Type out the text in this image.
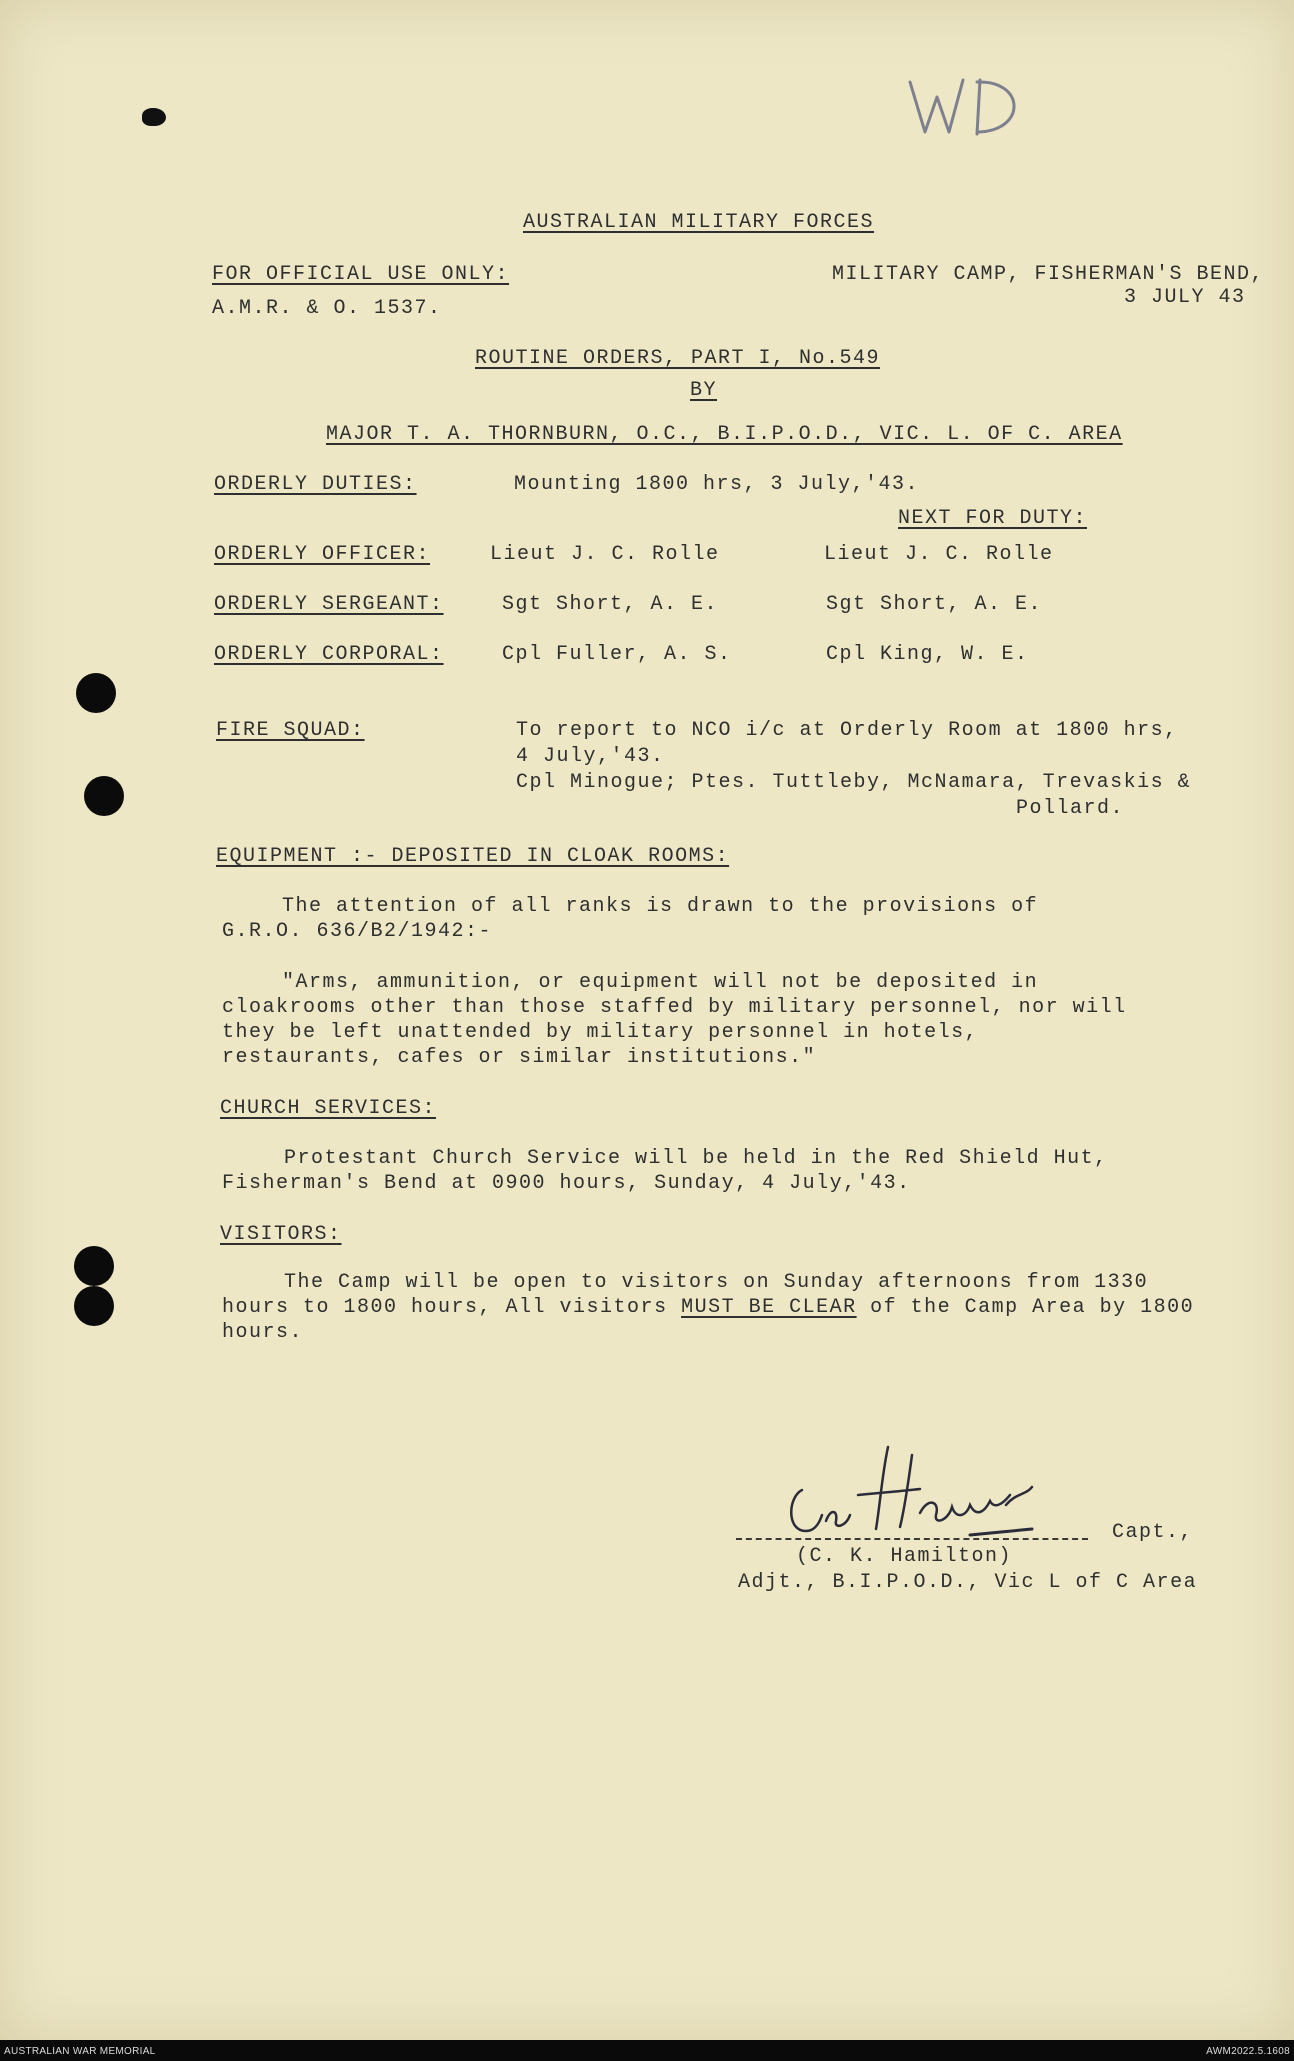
AUSTRALIAN MILITARY FORCES
FOR OFFICIAL USE ONLY:
A.M.R. & O. 1537.
MILITARY CAMP, FISHERMAN'S BEND,
3 JULY 43
ROUTINE ORDERS, PART I, No.549
BY
MAJOR T. A. THORNBURN, O.C., B.I.P.O.D., VIC. L. OF C. AREA
ORDERLY DUTIES:	Mounting 1800 hrs, 3 July,'43.
NEXT FOR DUTY:
ORDERLY OFFICER:	Lieut J. C. Rolle	Lieut J. C. Rolle
ORDERLY SERGEANT:	Sgt Short, A. E.	Sgt Short, A. E.
ORDERLY CORPORAL:	Cpl Fuller, A. S.	Cpl King, W. E.
FIRE SQUAD:	To report to NCO i/c at Orderly Room at 1800 hrs,
4 July,'43.
Cpl Minogue; Ptes. Tuttleby, McNamara, Trevaskis &
Pollard.
EQUIPMENT :- DEPOSITED IN CLOAK ROOMS:
The attention of all ranks is drawn to the provisions of G.R.O. 636/B2/1942:-
"Arms, ammunition, or equipment will not be deposited in cloakrooms other than those staffed by military personnel, nor will they be left unattended by military personnel in hotels, restaurants, cafes or similar institutions."
CHURCH SERVICES:
Protestant Church Service will be held in the Red Shield Hut, Fisherman's Bend at 0900 hours, Sunday, 4 July,'43.
VISITORS:
The Camp will be open to visitors on Sunday afternoons from 1330 hours to 1800 hours, All visitors MUST BE CLEAR of the Camp Area by 1800 hours.
Capt.,
(C. K. Hamilton)
Adjt., B.I.P.O.D., Vic L of C Area
AUSTRALIAN WAR MEMORIAL	AWM2022.5.1608
